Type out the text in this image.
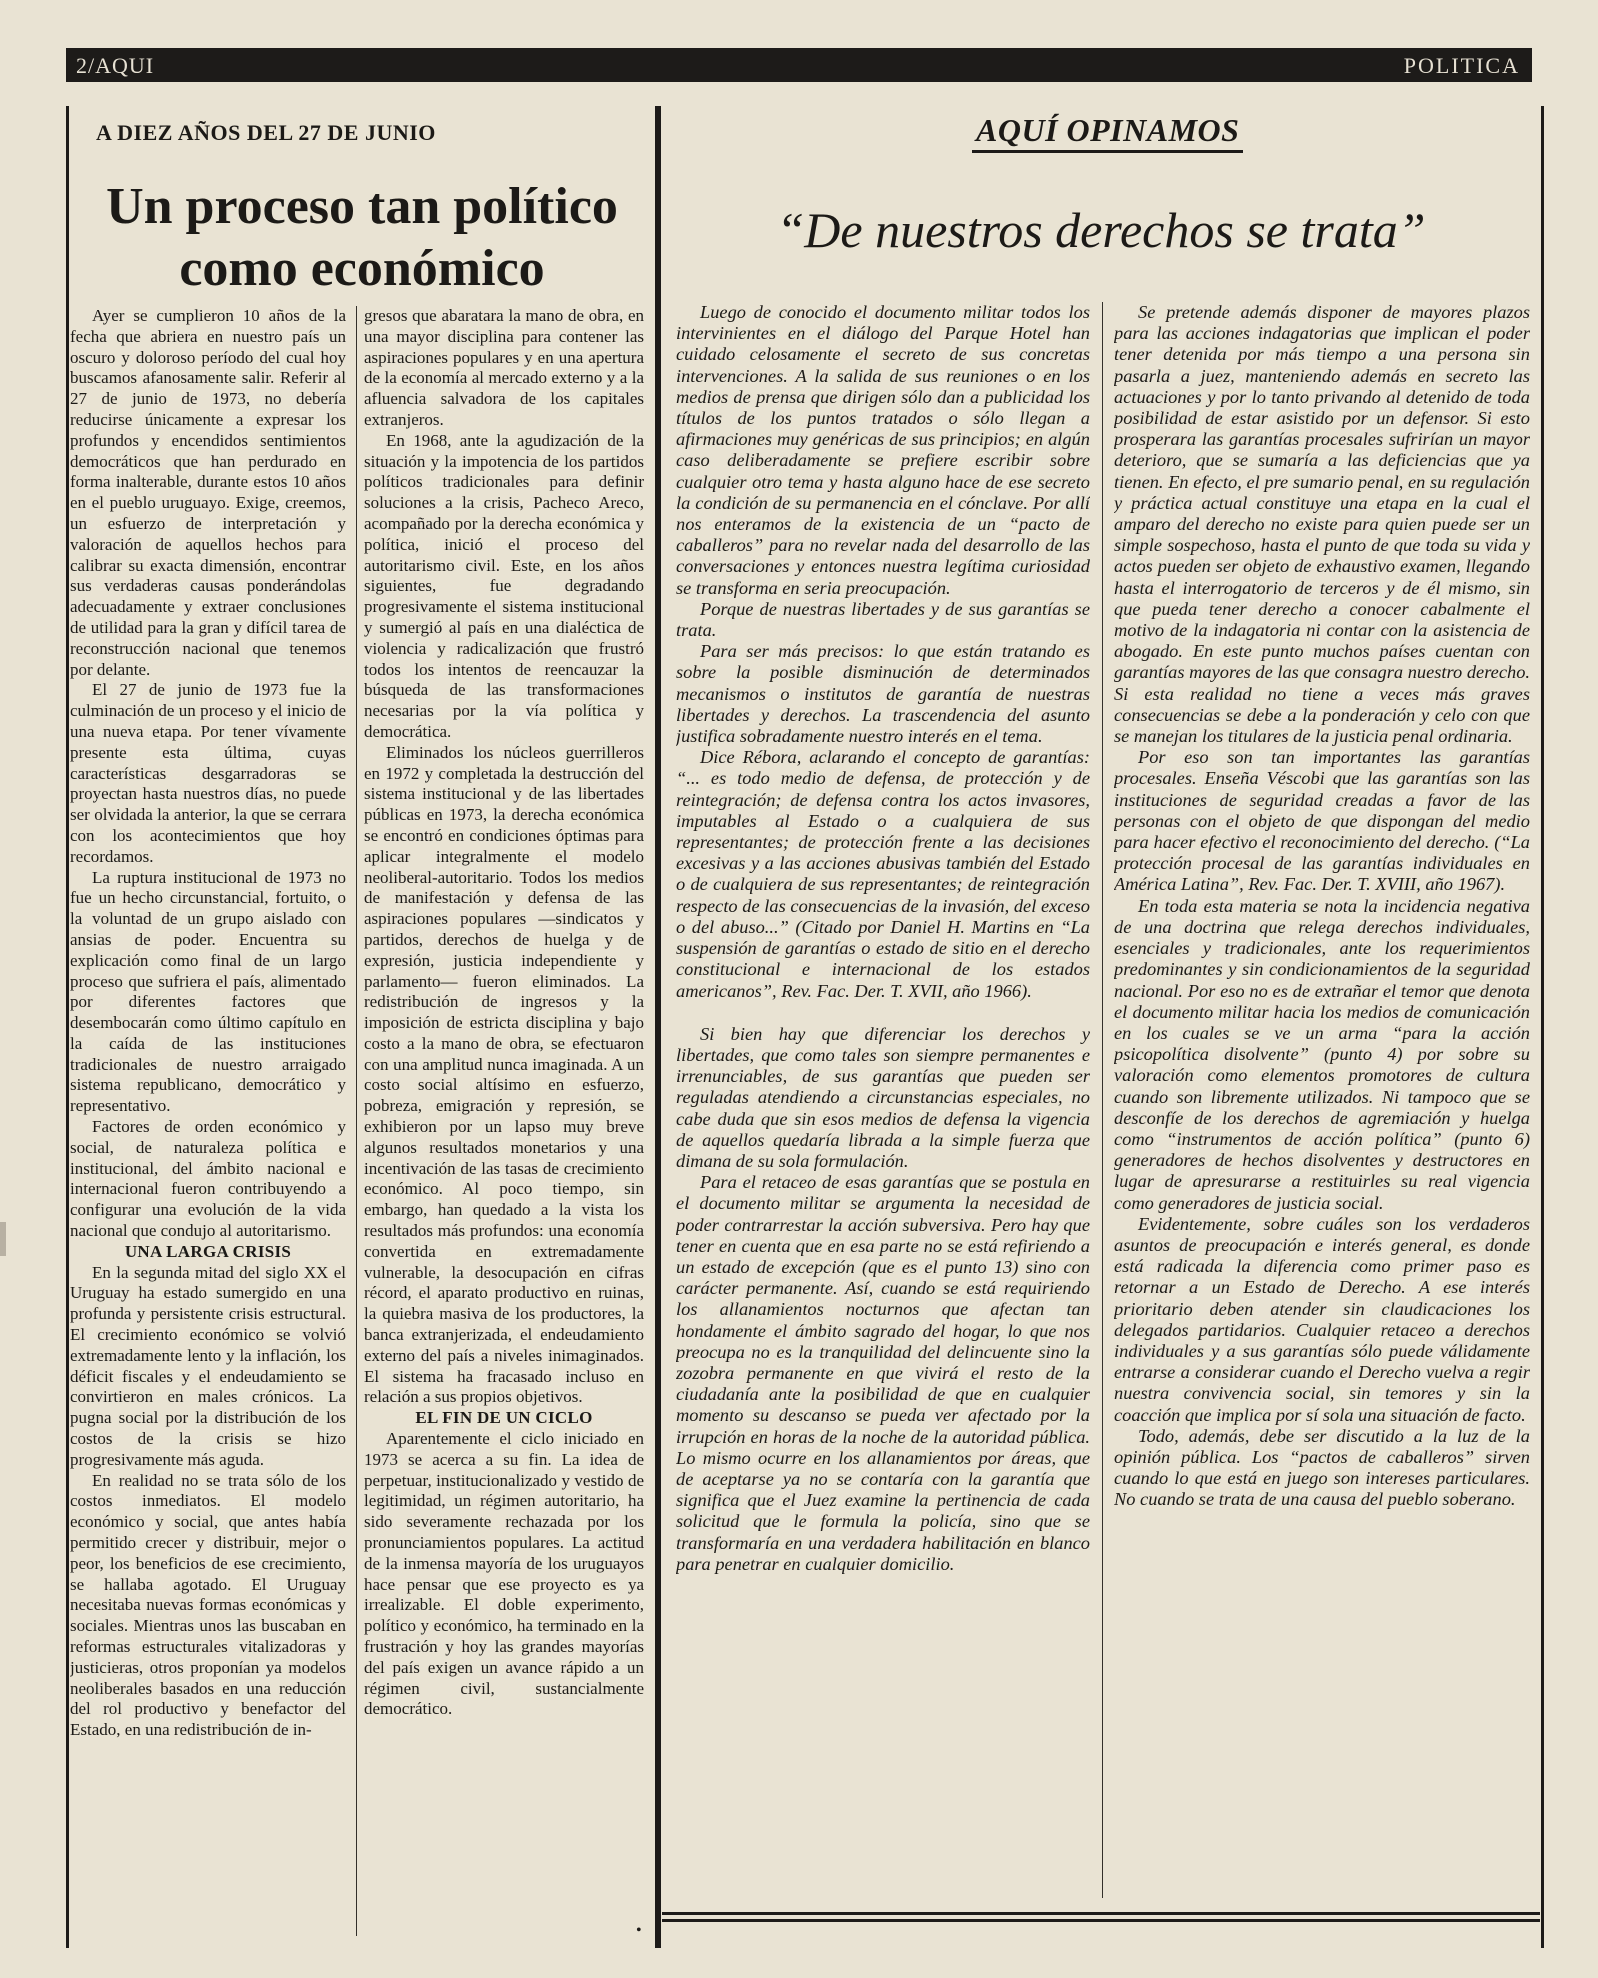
2/AQUI	POLITICA
A DIEZ AÑOS DEL 27 DE JUNIO
Un proceso tan político como económico

Ayer se cumplieron 10 años de la fecha que abriera en nuestro país un oscuro y doloroso período del cual hoy buscamos afanosamente salir. Referir al 27 de junio de 1973, no debería reducirse únicamente a expresar los profundos y encendidos sentimientos democráticos que han perdurado en forma inalterable, durante estos 10 años en el pueblo uruguayo. Exige, creemos, un esfuerzo de interpretación y valoración de aquellos hechos para calibrar su exacta dimensión, encontrar sus verdaderas causas ponderándolas adecuadamente y extraer conclusiones de utilidad para la gran y difícil tarea de reconstrucción nacional que tenemos por delante.

El 27 de junio de 1973 fue la culminación de un proceso y el inicio de una nueva etapa. Por tener vívamente presente esta última, cuyas características desgarradoras se proyectan hasta nuestros días, no puede ser olvidada la anterior, la que se cerrara con los acontecimientos que hoy recordamos.

La ruptura institucional de 1973 no fue un hecho circunstancial, fortuito, o la voluntad de un grupo aislado con ansias de poder. Encuentra su explicación como final de un largo proceso que sufriera el país, alimentado por diferentes factores que desembocarán como último capítulo en la caída de las instituciones tradicionales de nuestro arraigado sistema republicano, democrático y representativo.

Factores de orden económico y social, de naturaleza política e institucional, del ámbito nacional e internacional fueron contribuyendo a configurar una evolución de la vida nacional que condujo al autoritarismo.

UNA LARGA CRISIS

En la segunda mitad del siglo XX el Uruguay ha estado sumergido en una profunda y persistente crisis estructural. El crecimiento económico se volvió extremadamente lento y la inflación, los déficit fiscales y el endeudamiento se convirtieron en males crónicos. La pugna social por la distribución de los costos de la crisis se hizo progresivamente más aguda.

En realidad no se trata sólo de los costos inmediatos. El modelo económico y social, que antes había permitido crecer y distribuir, mejor o peor, los beneficios de ese crecimiento, se hallaba agotado. El Uruguay necesitaba nuevas formas económicas y sociales. Mientras unos las buscaban en reformas estructurales vitalizadoras y justicieras, otros proponían ya modelos neoliberales basados en una reducción del rol productivo y benefactor del Estado, en una redistribución de in-

gresos que abaratara la mano de obra, en una mayor disciplina para contener las aspiraciones populares y en una apertura de la economía al mercado externo y a la afluencia salvadora de los capitales extranjeros.

En 1968, ante la agudización de la situación y la impotencia de los partidos políticos tradicionales para definir soluciones a la crisis, Pacheco Areco, acompañado por la derecha económica y política, inició el proceso del autoritarismo civil. Este, en los años siguientes, fue degradando progresivamente el sistema institucional y sumergió al país en una dialéctica de violencia y radicalización que frustró todos los intentos de reencauzar la búsqueda de las transformaciones necesarias por la vía política y democrática.

Eliminados los núcleos guerrilleros en 1972 y completada la destrucción del sistema institucional y de las libertades públicas en 1973, la derecha económica se encontró en condiciones óptimas para aplicar integralmente el modelo neoliberal-autoritario. Todos los medios de manifestación y defensa de las aspiraciones populares —sindicatos y partidos, derechos de huelga y de expresión, justicia independiente y parlamento— fueron eliminados. La redistribución de ingresos y la imposición de estricta disciplina y bajo costo a la mano de obra, se efectuaron con una amplitud nunca imaginada. A un costo social altísimo en esfuerzo, pobreza, emigración y represión, se exhibieron por un lapso muy breve algunos resultados monetarios y una incentivación de las tasas de crecimiento económico. Al poco tiempo, sin embargo, han quedado a la vista los resultados más profundos: una economía convertida en extremadamente vulnerable, la desocupación en cifras récord, el aparato productivo en ruinas, la quiebra masiva de los productores, la banca extranjerizada, el endeudamiento externo del país a niveles inimaginados. El sistema ha fracasado incluso en relación a sus propios objetivos.

EL FIN DE UN CICLO

Aparentemente el ciclo iniciado en 1973 se acerca a su fin. La idea de perpetuar, institucionalizado y vestido de legitimidad, un régimen autoritario, ha sido severamente rechazada por los pronunciamientos populares. La actitud de la inmensa mayoría de los uruguayos hace pensar que ese proyecto es ya irrealizable. El doble experimento, político y económico, ha terminado en la frustración y hoy las grandes mayorías del país exigen un avance rápido a un régimen civil, sustancialmente democrático.

•
AQUÍ OPINAMOS
“De nuestros derechos se trata”

Luego de conocido el documento militar todos los intervinientes en el diálogo del Parque Hotel han cuidado celosamente el secreto de sus concretas intervenciones. A la salida de sus reuniones o en los medios de prensa que dirigen sólo dan a publicidad los títulos de los puntos tratados o sólo llegan a afirmaciones muy genéricas de sus principios; en algún caso deliberadamente se prefiere escribir sobre cualquier otro tema y hasta alguno hace de ese secreto la condición de su permanencia en el cónclave. Por allí nos enteramos de la existencia de un “pacto de caballeros” para no revelar nada del desarrollo de las conversaciones y entonces nuestra legítima curiosidad se transforma en seria preocupación.

Porque de nuestras libertades y de sus garantías se trata.

Para ser más precisos: lo que están tratando es sobre la posible disminución de determinados mecanismos o institutos de garantía de nuestras libertades y derechos. La trascendencia del asunto justifica sobradamente nuestro interés en el tema.

Dice Rébora, aclarando el concepto de garantías: “... es todo medio de defensa, de protección y de reintegración; de defensa contra los actos invasores, imputables al Estado o a cualquiera de sus representantes; de protección frente a las decisiones excesivas y a las acciones abusivas también del Estado o de cualquiera de sus representantes; de reintegración respecto de las consecuencias de la invasión, del exceso o del abuso...” (Citado por Daniel H. Martins en “La suspensión de garantías o estado de sitio en el derecho constitucional e internacional de los estados americanos”, Rev. Fac. Der. T. XVII, año 1966).

Si bien hay que diferenciar los derechos y libertades, que como tales son siempre permanentes e irrenunciables, de sus garantías que pueden ser reguladas atendiendo a circunstancias especiales, no cabe duda que sin esos medios de defensa la vigencia de aquellos quedaría librada a la simple fuerza que dimana de su sola formulación.

Para el retaceo de esas garantías que se postula en el documento militar se argumenta la necesidad de poder contrarrestar la acción subversiva. Pero hay que tener en cuenta que en esa parte no se está refiriendo a un estado de excepción (que es el punto 13) sino con carácter permanente. Así, cuando se está requiriendo los allanamientos nocturnos que afectan tan hondamente el ámbito sagrado del hogar, lo que nos preocupa no es la tranquilidad del delincuente sino la zozobra permanente en que vivirá el resto de la ciudadanía ante la posibilidad de que en cualquier momento su descanso se pueda ver afectado por la irrupción en horas de la noche de la autoridad pública. Lo mismo ocurre en los allanamientos por áreas, que de aceptarse ya no se contaría con la garantía que significa que el Juez examine la pertinencia de cada solicitud que le formula la policía, sino que se transformaría en una verdadera habilitación en blanco para penetrar en cualquier domicilio.

Se pretende además disponer de mayores plazos para las acciones indagatorias que implican el poder tener detenida por más tiempo a una persona sin pasarla a juez, manteniendo además en secreto las actuaciones y por lo tanto privando al detenido de toda posibilidad de estar asistido por un defensor. Si esto prosperara las garantías procesales sufrirían un mayor deterioro, que se sumaría a las deficiencias que ya tienen. En efecto, el pre sumario penal, en su regulación y práctica actual constituye una etapa en la cual el amparo del derecho no existe para quien puede ser un simple sospechoso, hasta el punto de que toda su vida y actos pueden ser objeto de exhaustivo examen, llegando hasta el interrogatorio de terceros y de él mismo, sin que pueda tener derecho a conocer cabalmente el motivo de la indagatoria ni contar con la asistencia de abogado. En este punto muchos países cuentan con garantías mayores de las que consagra nuestro derecho. Si esta realidad no tiene a veces más graves consecuencias se debe a la ponderación y celo con que se manejan los titulares de la justicia penal ordinaria.

Por eso son tan importantes las garantías procesales. Enseña Véscobi que las garantías son las instituciones de seguridad creadas a favor de las personas con el objeto de que dispongan del medio para hacer efectivo el reconocimiento del derecho. (“La protección procesal de las garantías individuales en América Latina”, Rev. Fac. Der. T. XVIII, año 1967).

En toda esta materia se nota la incidencia negativa de una doctrina que relega derechos individuales, esenciales y tradicionales, ante los requerimientos predominantes y sin condicionamientos de la seguridad nacional. Por eso no es de extrañar el temor que denota el documento militar hacia los medios de comunicación en los cuales se ve un arma “para la acción psicopolítica disolvente” (punto 4) por sobre su valoración como elementos promotores de cultura cuando son libremente utilizados. Ni tampoco que se desconfíe de los derechos de agremiación y huelga como “instrumentos de acción política” (punto 6) generadores de hechos disolventes y destructores en lugar de apresurarse a restituirles su real vigencia como generadores de justicia social.

Evidentemente, sobre cuáles son los verdaderos asuntos de preocupación e interés general, es donde está radicada la diferencia como primer paso es retornar a un Estado de Derecho. A ese interés prioritario deben atender sin claudicaciones los delegados partidarios. Cualquier retaceo a derechos individuales y a sus garantías sólo puede válidamente entrarse a considerar cuando el Derecho vuelva a regir nuestra convivencia social, sin temores y sin la coacción que implica por sí sola una situación de facto.

Todo, además, debe ser discutido a la luz de la opinión pública. Los “pactos de caballeros” sirven cuando lo que está en juego son intereses particulares. No cuando se trata de una causa del pueblo soberano.
